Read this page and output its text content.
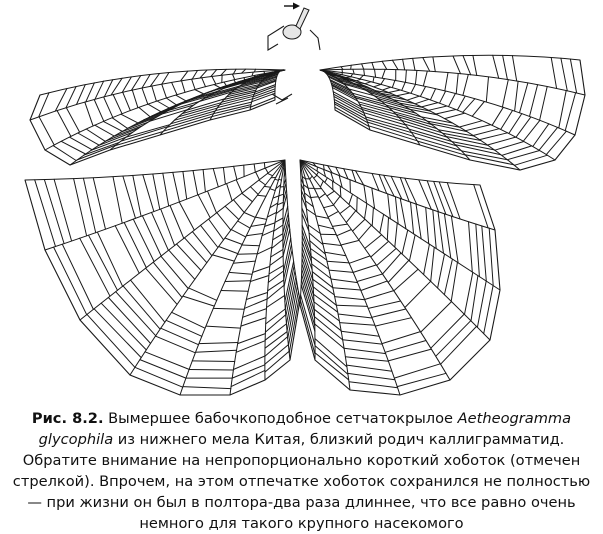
Рис. 8.2. Вымершее бабочкоподобное сетчатокрылое Aetheogramma glycophila из нижнего мела Китая, близкий родич каллиграмматид. Обратите внимание на непропорционально короткий хоботок (отмечен стрелкой). Впрочем, на этом отпечатке хоботок сохранился не полностью — при жизни он был в полтора-два раза длиннее, что все равно очень немного для такого крупного насекомого
